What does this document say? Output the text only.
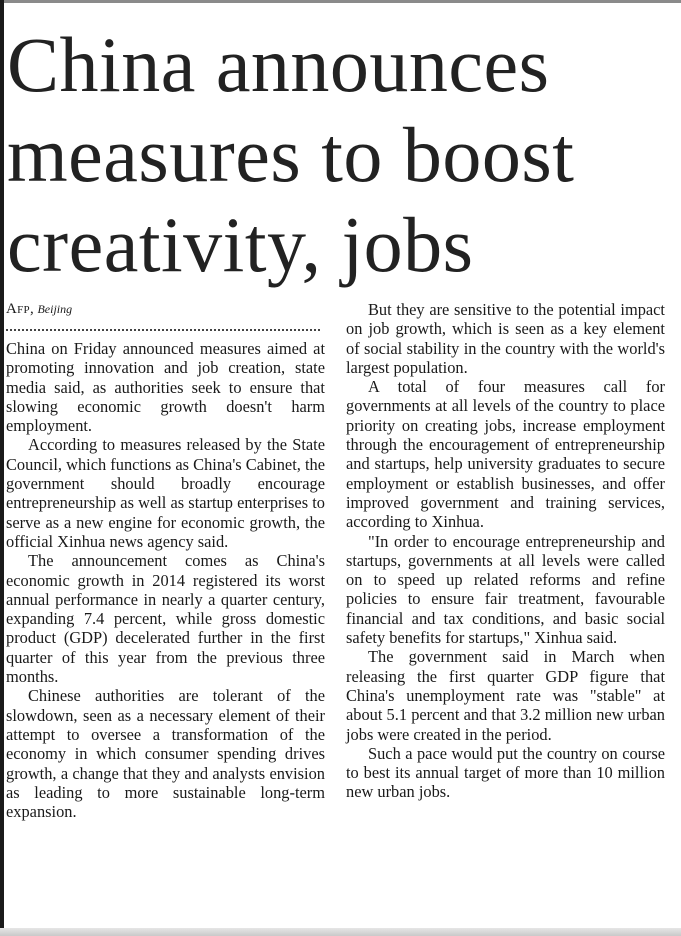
China announces measures to boost creativity, jobs
Afp, Beijing

China on Friday announced measures aimed at promoting innovation and job creation, state media said, as authorities seek to ensure that slowing economic growth doesn't harm employment.

According to measures released by the State Council, which functions as China's Cabinet, the government should broadly encourage entrepreneurship as well as startup enterprises to serve as a new engine for economic growth, the official Xinhua news agency said.

The announcement comes as China's economic growth in 2014 registered its worst annual performance in nearly a quarter century, expanding 7.4 percent, while gross domestic product (GDP) decelerated further in the first quarter of this year from the previous three months.

Chinese authorities are tolerant of the slowdown, seen as a necessary element of their attempt to oversee a transformation of the economy in which consumer spending drives growth, a change that they and analysts envision as leading to more sustainable long-term expansion.

But they are sensitive to the potential impact on job growth, which is seen as a key element of social stability in the country with the world's largest population.

A total of four measures call for governments at all levels of the country to place priority on creating jobs, increase employment through the encouragement of entrepreneurship and startups, help university graduates to secure employment or establish businesses, and offer improved government and training services, according to Xinhua.

"In order to encourage entrepreneurship and startups, governments at all levels were called on to speed up related reforms and refine policies to ensure fair treatment, favourable financial and tax conditions, and basic social safety benefits for startups," Xinhua said.

The government said in March when releasing the first quarter GDP figure that China's unemployment rate was "stable" at about 5.1 percent and that 3.2 million new urban jobs were created in the period.

Such a pace would put the country on course to best its annual target of more than 10 million new urban jobs.
